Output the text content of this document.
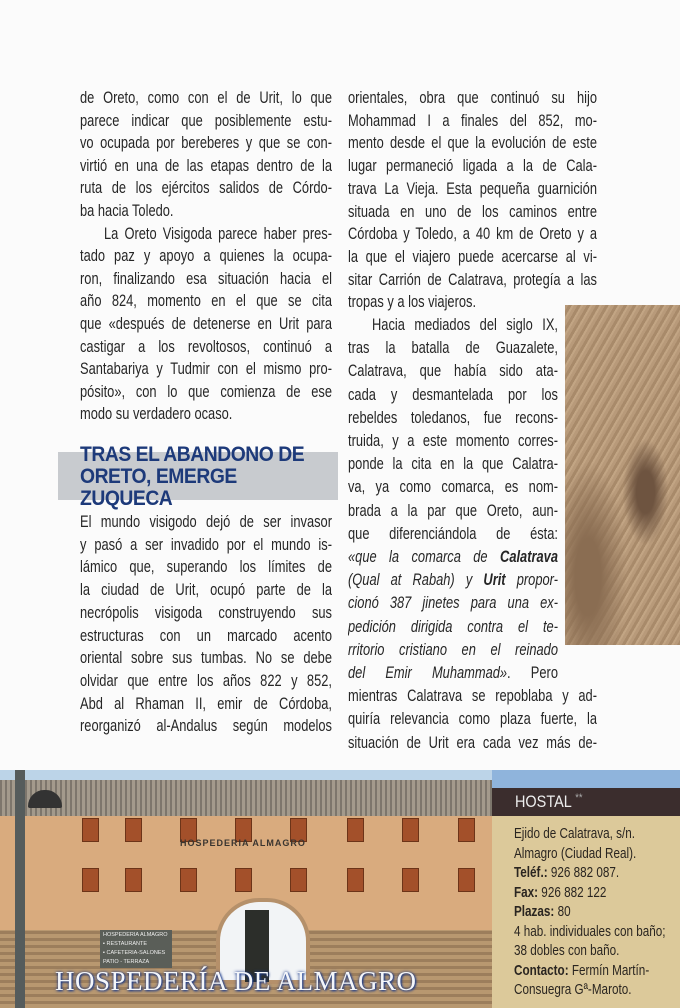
de Oreto, como con el de Urit, lo que
parece indicar que posiblemente estu-
vo ocupada por bereberes y que se con-
virtió en una de las etapas dentro de la
ruta de los ejércitos salidos de Córdo-
ba hacia Toledo.
La Oreto Visigoda parece haber pres-
tado paz y apoyo a quienes la ocupa-
ron, finalizando esa situación hacia el
año 824, momento en el que se cita
que «después de detenerse en Urit para
castigar a los revoltosos, continuó a
Santabariya y Tudmir con el mismo pro-
pósito», con lo que comienza de ese
modo su verdadero ocaso.
El mundo visigodo dejó de ser invasor
y pasó a ser invadido por el mundo is-
lámico que, superando los límites de
la ciudad de Urit, ocupó parte de la
necrópolis visigoda construyendo sus
estructuras con un marcado acento
oriental sobre sus tumbas. No se debe
olvidar que entre los años 822 y 852,
Abd al Rhaman II, emir de Córdoba,
reorganizó al-Andalus según modelos
orientales, obra que continuó su hijo
Mohammad I a finales del 852, mo-
mento desde el que la evolución de este
lugar permaneció ligada a la de Cala-
trava La Vieja. Esta pequeña guarnición
situada en uno de los caminos entre
Córdoba y Toledo, a 40 km de Oreto y a
la que el viajero puede acercarse al vi-
sitar Carrión de Calatrava, protegía a las
tropas y a los viajeros.
Hacia mediados del siglo IX,
tras la batalla de Guazalete,
Calatrava, que había sido ata-
cada y desmantelada por los
rebeldes toledanos, fue recons-
truida, y a este momento corres-
ponde la cita en la que Calatra-
va, ya como comarca, es nom-
brada a la par que Oreto, aun-
que diferenciándola de ésta:
«que la comarca de Calatrava
(Qual at Rabah) y Urit propor-
cionó 387 jinetes para una ex-
pedición dirigida contra el te-
rritorio cristiano en el reinado
del Emir Muhammad». Pero
mientras Calatrava se repoblaba y ad-
quiría relevancia como plaza fuerte, la
situación de Urit era cada vez más de-
TRAS EL ABANDONO DE
ORETO, EMERGE
ZUQUECA
HOSPEDERIA ALMAGRO
HOSPEDERIA ALMAGRO
▪ RESTAURANTE
▪ CAFETERIA-SALONES
PATIO - TERRAZA
HOSPEDERÍA DE ALMAGRO
HOSTAL **
Ejido de Calatrava, s/n.
Almagro (Ciudad Real).
Teléf.: 926 882 087.
Fax: 926 882 122
Plazas: 80
4 hab. individuales con baño;
38 dobles con baño.
Contacto: Fermín Martín-
Consuegra Gª-Maroto.
